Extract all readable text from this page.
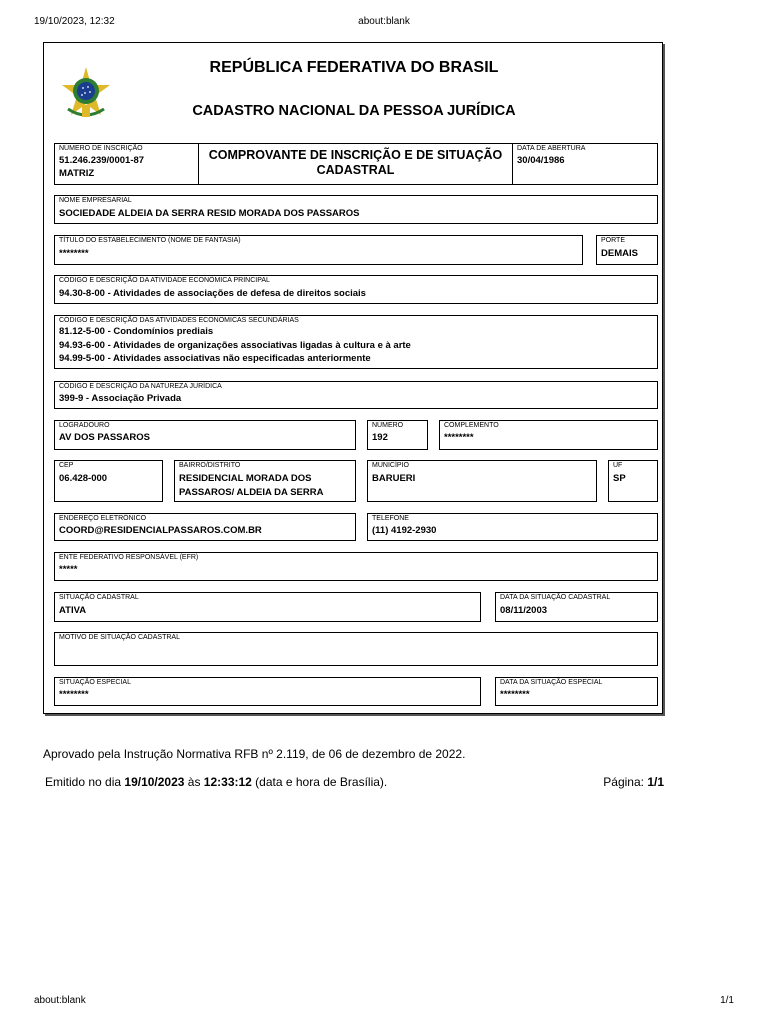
19/10/2023, 12:32	about:blank
REPÚBLICA FEDERATIVA DO BRASIL
CADASTRO NACIONAL DA PESSOA JURÍDICA
NÚMERO DE INSCRIÇÃO
51.246.239/0001-87
MATRIZ
COMPROVANTE DE INSCRIÇÃO E DE SITUAÇÃO
CADASTRAL
DATA DE ABERTURA
30/04/1986
NOME EMPRESARIAL
SOCIEDADE ALDEIA DA SERRA RESID MORADA DOS PASSAROS
TÍTULO DO ESTABELECIMENTO (NOME DE FANTASIA)
********
PORTE
DEMAIS
CÓDIGO E DESCRIÇÃO DA ATIVIDADE ECONÔMICA PRINCIPAL
94.30-8-00 - Atividades de associações de defesa de direitos sociais
CÓDIGO E DESCRIÇÃO DAS ATIVIDADES ECONÔMICAS SECUNDÁRIAS
81.12-5-00 - Condomínios prediais
94.93-6-00 - Atividades de organizações associativas ligadas à cultura e à arte
94.99-5-00 - Atividades associativas não especificadas anteriormente
CÓDIGO E DESCRIÇÃO DA NATUREZA JURÍDICA
399-9 - Associação Privada
LOGRADOURO
AV DOS PASSAROS
NÚMERO
192
COMPLEMENTO
********
CEP
06.428-000
BAIRRO/DISTRITO
RESIDENCIAL MORADA DOS
PASSAROS/ ALDEIA DA SERRA
MUNICÍPIO
BARUERI
UF
SP
ENDEREÇO ELETRÔNICO
COORD@RESIDENCIALPASSAROS.COM.BR
TELEFONE
(11) 4192-2930
ENTE FEDERATIVO RESPONSÁVEL (EFR)
*****
SITUAÇÃO CADASTRAL
ATIVA
DATA DA SITUAÇÃO CADASTRAL
08/11/2003
MOTIVO DE SITUAÇÃO CADASTRAL
SITUAÇÃO ESPECIAL
********
DATA DA SITUAÇÃO ESPECIAL
********
Aprovado pela Instrução Normativa RFB nº 2.119, de 06 de dezembro de 2022.
Emitido no dia 19/10/2023 às 12:33:12 (data e hora de Brasília).	Página: 1/1
about:blank	1/1
